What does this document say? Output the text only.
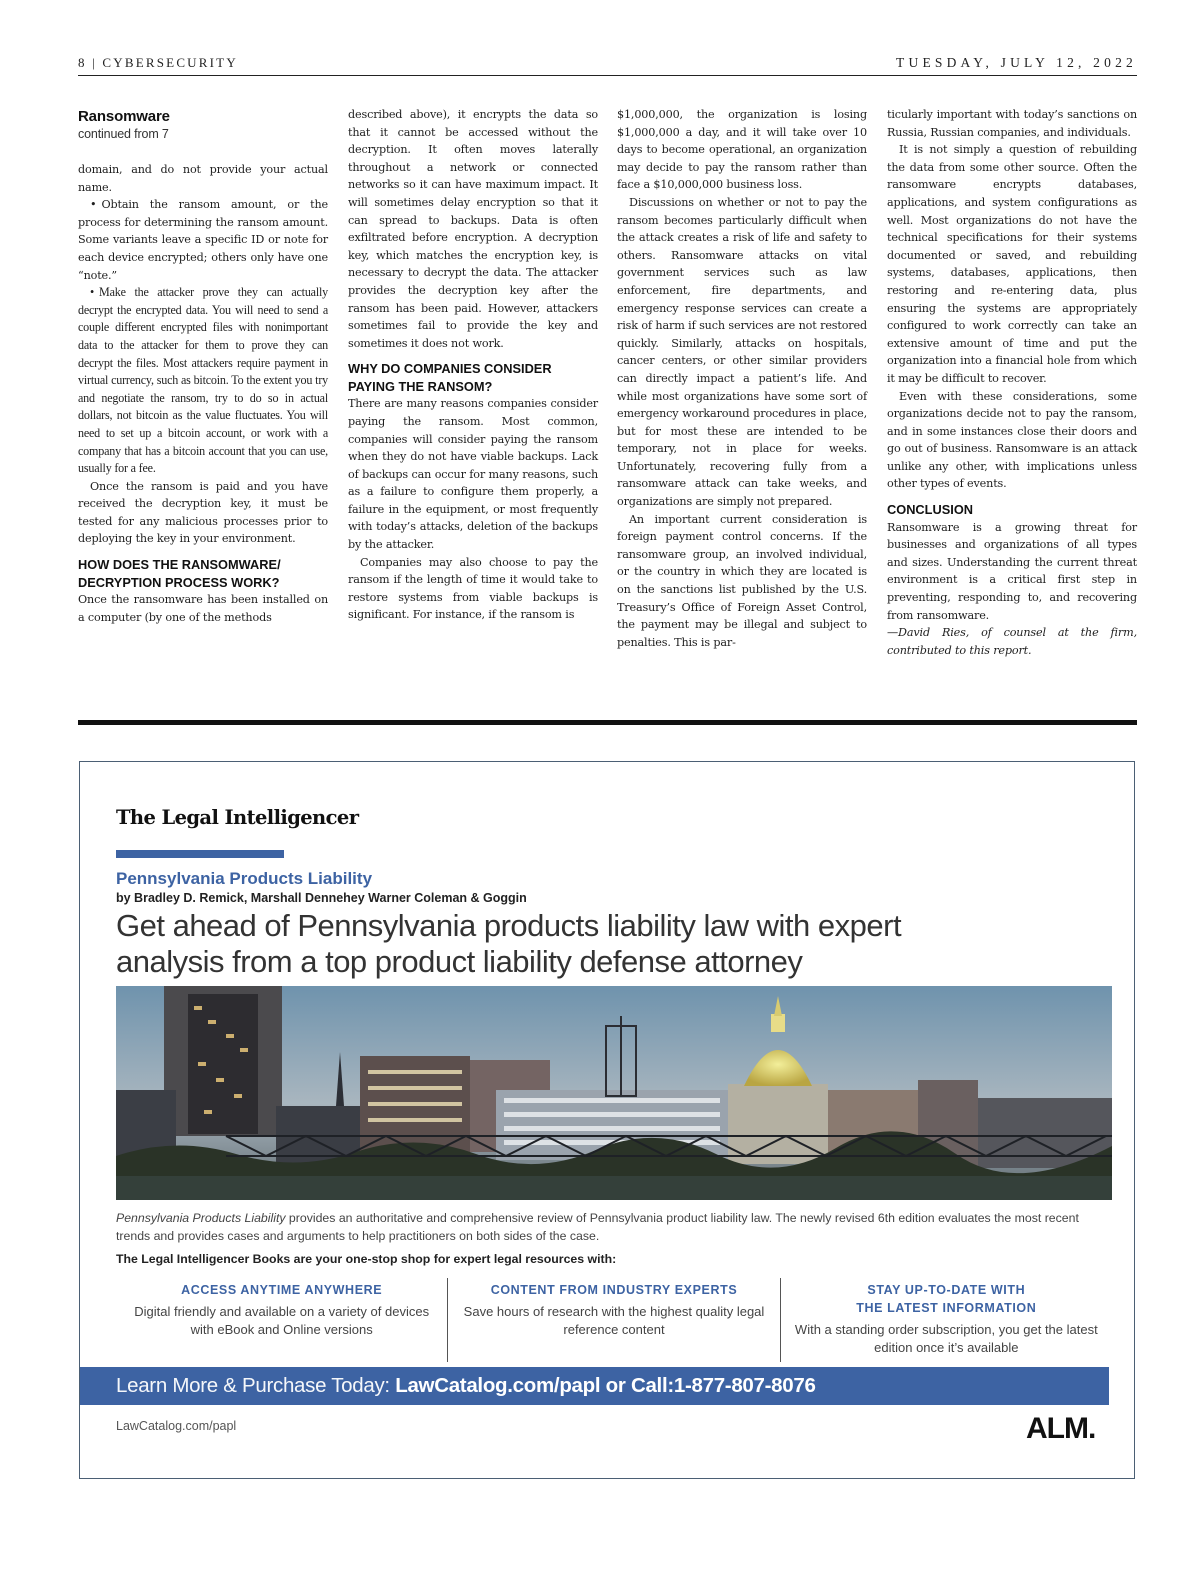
8 | CYBERSECURITY	TUESDAY, JULY 12, 2022
Ransomware
continued from 7

domain, and do not provide your actual name.

• Obtain the ransom amount, or the process for determining the ransom amount. Some variants leave a specific ID or note for each device encrypted; others only have one “note.”

• Make the attacker prove they can actually decrypt the encrypted data. You will need to send a couple different encrypted files with nonimportant data to the attacker for them to prove they can decrypt the files. Most attackers require payment in virtual currency, such as bitcoin. To the extent you try and negotiate the ransom, try to do so in actual dollars, not bitcoin as the value fluctuates. You will need to set up a bitcoin account, or work with a company that has a bitcoin account that you can use, usually for a fee.

Once the ransom is paid and you have received the decryption key, it must be tested for any malicious processes prior to deploying the key in your environment.

HOW DOES THE RANSOMWARE/ DECRYPTION PROCESS WORK?

Once the ransomware has been installed on a computer (by one of the methods

described above), it encrypts the data so that it cannot be accessed without the decryption. It often moves laterally throughout a network or connected networks so it can have maximum impact. It will sometimes delay encryption so that it can spread to backups. Data is often exfiltrated before encryption. A decryption key, which matches the encryption key, is necessary to decrypt the data. The attacker provides the decryption key after the ransom has been paid. However, attackers sometimes fail to provide the key and sometimes it does not work.

WHY DO COMPANIES CONSIDER PAYING THE RANSOM?

There are many reasons companies consider paying the ransom. Most common, companies will consider paying the ransom when they do not have viable backups. Lack of backups can occur for many reasons, such as a failure to configure them properly, a failure in the equipment, or most frequently with today’s attacks, deletion of the backups by the attacker.

Companies may also choose to pay the ransom if the length of time it would take to restore systems from viable backups is significant. For instance, if the ransom is

$1,000,000, the organization is losing $1,000,000 a day, and it will take over 10 days to become operational, an organization may decide to pay the ransom rather than face a $10,000,000 business loss.

Discussions on whether or not to pay the ransom becomes particularly difficult when the attack creates a risk of life and safety to others. Ransomware attacks on vital government services such as law enforcement, fire departments, and emergency response services can create a risk of harm if such services are not restored quickly. Similarly, attacks on hospitals, cancer centers, or other similar providers can directly impact a patient’s life. And while most organizations have some sort of emergency workaround procedures in place, but for most these are intended to be temporary, not in place for weeks. Unfortunately, recovering fully from a ransomware attack can take weeks, and organizations are simply not prepared.

An important current consideration is foreign payment control concerns. If the ransomware group, an involved individual, or the country in which they are located is on the sanctions list published by the U.S. Treasury’s Office of Foreign Asset Control, the payment may be illegal and subject to penalties. This is par-

ticularly important with today’s sanctions on Russia, Russian companies, and individuals.

It is not simply a question of rebuilding the data from some other source. Often the ransomware encrypts databases, applications, and system configurations as well. Most organizations do not have the technical specifications for their systems documented or saved, and rebuilding systems, databases, applications, then restoring and re-entering data, plus ensuring the systems are appropriately configured to work correctly can take an extensive amount of time and put the organization into a financial hole from which it may be difficult to recover.

Even with these considerations, some organizations decide not to pay the ransom, and in some instances close their doors and go out of business. Ransomware is an attack unlike any other, with implications unless other types of events.

CONCLUSION

Ransomware is a growing threat for businesses and organizations of all types and sizes. Understanding the current threat environment is a critical first step in preventing, responding to, and recovering from ransomware.

—David Ries, of counsel at the firm, contributed to this report.

The Legal Intelligencer
Pennsylvania Products Liability
by Bradley D. Remick, Marshall Dennehey Warner Coleman & Goggin
Get ahead of Pennsylvania products liability law with expert analysis from a top product liability defense attorney
Pennsylvania Products Liability provides an authoritative and comprehensive review of Pennsylvania product liability law. The newly revised 6th edition evaluates the most recent trends and provides cases and arguments to help practitioners on both sides of the case.
The Legal Intelligencer Books are your one-stop shop for expert legal resources with:
ACCESS ANYTIME ANYWHERE
Digital friendly and available on a variety of devices with eBook and Online versions
CONTENT FROM INDUSTRY EXPERTS
Save hours of research with the highest quality legal reference content
STAY UP-TO-DATE WITH
THE LATEST INFORMATION
With a standing order subscription, you get the latest edition once it’s available
Learn More & Purchase Today: LawCatalog.com/papl or Call:1-877-807-8076
LawCatalog.com/papl	ALM.
